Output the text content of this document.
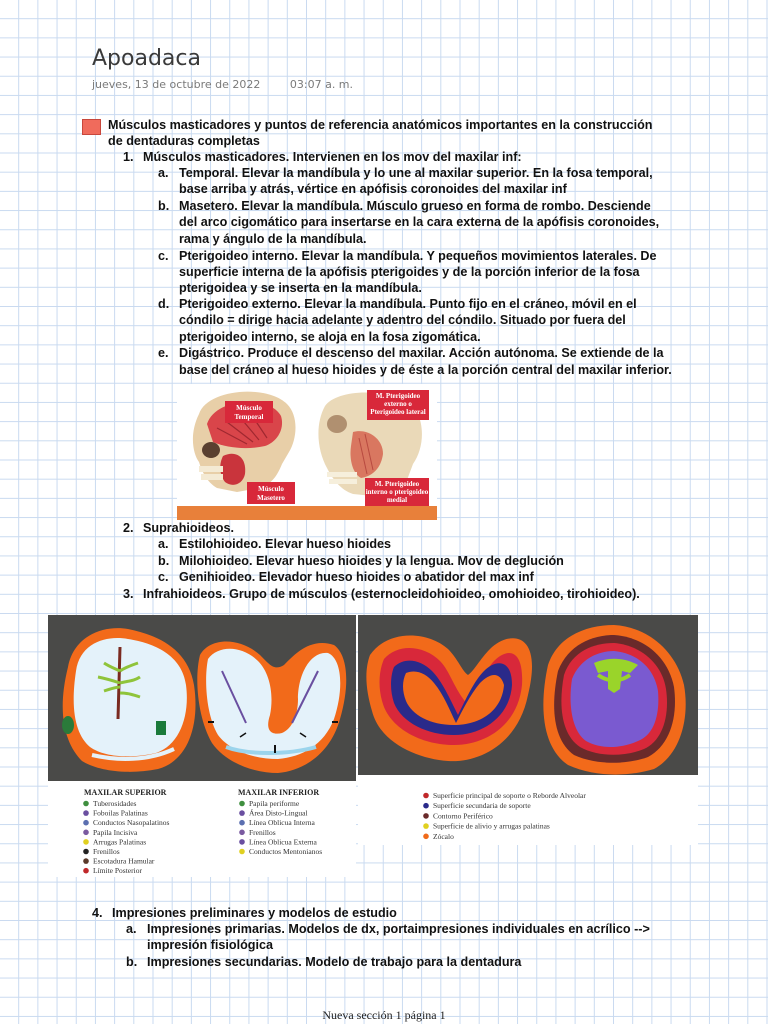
Apoadaca
jueves, 13 de octubre de 2022	03:07 a. m.
Músculos masticadores y puntos de referencia anatómicos importantes en la construcción
de dentaduras completas
1. Músculos masticadores. Intervienen en los mov del maxilar inf:
a. Temporal. Elevar la mandíbula y lo une al maxilar superior. En la fosa temporal,
base arriba y atrás, vértice en apófisis coronoides del maxilar inf
b. Masetero. Elevar la mandíbula. Músculo grueso en forma de rombo. Desciende
del arco cigomático para insertarse en la cara externa de la apófisis coronoides,
rama y ángulo de la mandíbula.
c. Pterigoideo interno. Elevar la mandíbula. Y pequeños movimientos laterales. De
superficie interna de la apófisis pterigoides y de la porción inferior de la fosa
pterigoidea y se inserta en la mandíbula.
d. Pterigoideo externo. Elevar la mandíbula. Punto fijo en el cráneo, móvil en el
cóndilo = dirige hacia adelante y adentro del cóndilo. Situado por fuera del
pterigoideo interno, se aloja en la fosa zigomática.
e. Digástrico. Produce el descenso del maxilar. Acción autónoma. Se extiende de la
base del cráneo al hueso hioides y de éste a la porción central del maxilar inferior.
Músculo
Temporal
Músculo
Masetero
M. Pterigoideo
externo o
Pterigoideo lateral
M. Pterigoideo
interno o pterigoideo
medial
2. Suprahioideos.
a. Estilohioideo. Elevar hueso hioides
b. Milohioideo. Elevar hueso hioides y la lengua. Mov de deglución
c. Genihioideo. Elevador hueso hioides o abatidor del max inf
3. Infrahioideos. Grupo de músculos (esternocleidohioideo, omohioideo, tirohioideo).
MAXILAR SUPERIOR	MAXILAR INFERIOR
Tuberosidades
Foboilas Palatinas
Conductos Nasopalatinos
Papila Incisiva
Arrugas Palatinas
Frenillos
Escotadura Hamular
Límite Posterior
Papila periforme
Área Disto-Lingual
Línea Oblicua Interna
Frenillos
Línea Oblicua Externa
Conductos Mentonianos
Superficie principal de soporte o Reborde Alveolar
Superficie secundaria de soporte
Contorno Periférico
Superficie de alivio y arrugas palatinas
Zócalo
4. Impresiones preliminares y modelos de estudio
a. Impresiones primarias. Modelos de dx, portaimpresiones individuales en acrílico -->
impresión fisiológica
b. Impresiones secundarias. Modelo de trabajo para la dentadura
Nueva sección 1 página 1
